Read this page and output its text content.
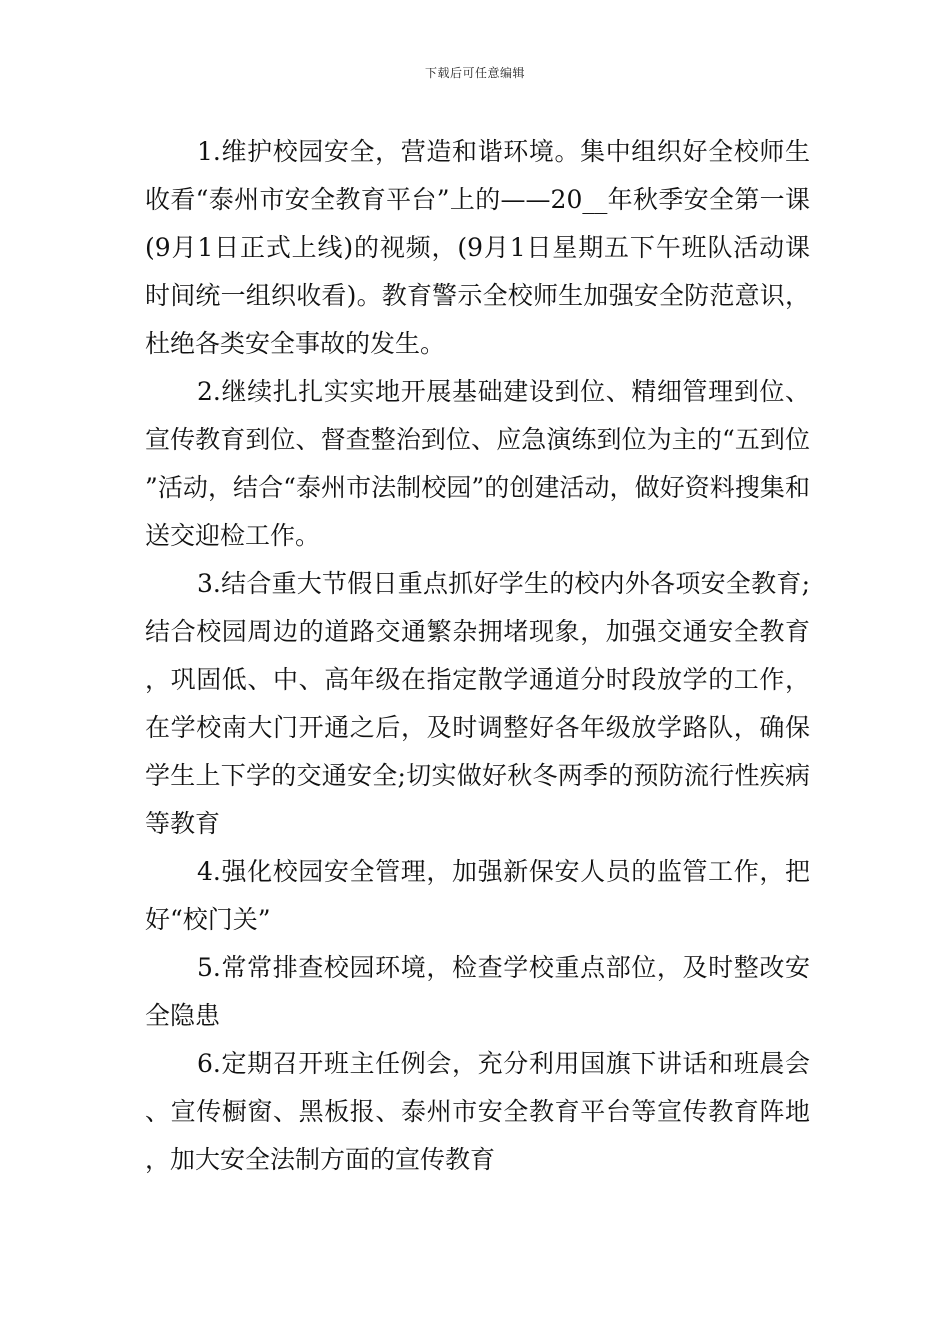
下载后可任意编辑

1.维护校园安全，营造和谐环境。集中组织好全校师生收看“泰州市安全教育平台”上的——20__年秋季安全第一课(9月1日正式上线)的视频，(9月1日星期五下午班队活动课时间统一组织收看)。教育警示全校师生加强安全防范意识，杜绝各类安全事故的发生。

2.继续扎扎实实地开展基础建设到位、精细管理到位、宣传教育到位、督查整治到位、应急演练到位为主的“五到位”活动，结合“泰州市法制校园”的创建活动，做好资料搜集和送交迎检工作。

3.结合重大节假日重点抓好学生的校内外各项安全教育;结合校园周边的道路交通繁杂拥堵现象，加强交通安全教育，巩固低、中、高年级在指定散学通道分时段放学的工作，在学校南大门开通之后，及时调整好各年级放学路队，确保学生上下学的交通安全;切实做好秋冬两季的预防流行性疾病等教育

4.强化校园安全管理，加强新保安人员的监管工作，把好“校门关”

5.常常排查校园环境，检查学校重点部位，及时整改安全隐患

6.定期召开班主任例会，充分利用国旗下讲话和班晨会、宣传橱窗、黑板报、泰州市安全教育平台等宣传教育阵地，加大安全法制方面的宣传教育
